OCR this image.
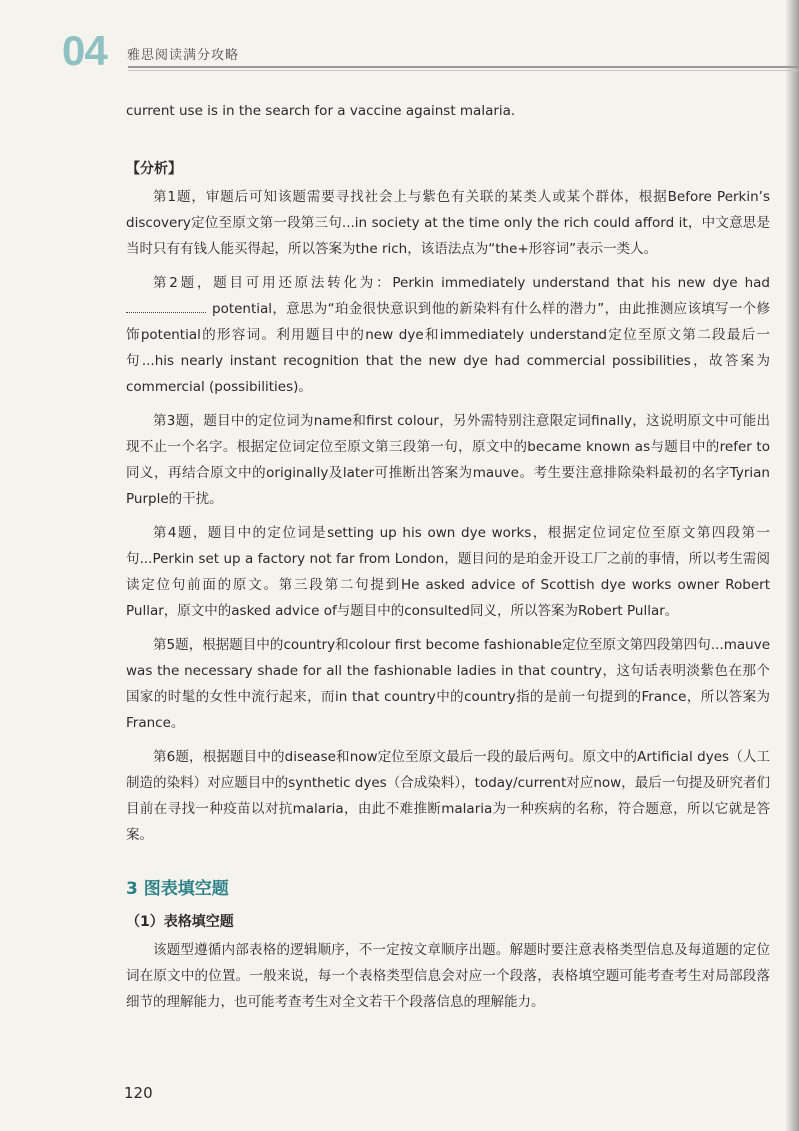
04 雅思阅读满分攻略

current use is in the search for a vaccine against malaria.

【分析】

第1题，审题后可知该题需要寻找社会上与紫色有关联的某类人或某个群体，根据Before Perkin’s discovery定位至原文第一段第三句...in society at the time only the rich could afford it，中文意思是当时只有有钱人能买得起，所以答案为the rich，该语法点为“the+形容词”表示一类人。

第2题，题目可用还原法转化为：Perkin immediately understand that his new dye had potential，意思为“珀金很快意识到他的新染料有什么样的潜力”，由此推测应该填写一个修饰potential的形容词。利用题目中的new dye和immediately understand定位至原文第二段最后一句...his nearly instant recognition that the new dye had commercial possibilities，故答案为commercial (possibilities)。

第3题，题目中的定位词为name和first colour，另外需特别注意限定词finally，这说明原文中可能出现不止一个名字。根据定位词定位至原文第三段第一句，原文中的became known as与题目中的refer to同义，再结合原文中的originally及later可推断出答案为mauve。考生要注意排除染料最初的名字Tyrian Purple的干扰。

第4题，题目中的定位词是setting up his own dye works，根据定位词定位至原文第四段第一句...Perkin set up a factory not far from London，题目问的是珀金开设工厂之前的事情，所以考生需阅读定位句前面的原文。第三段第二句提到He asked advice of Scottish dye works owner Robert Pullar，原文中的asked advice of与题目中的consulted同义，所以答案为Robert Pullar。

第5题，根据题目中的country和colour first become fashionable定位至原文第四段第四句...mauve was the necessary shade for all the fashionable ladies in that country，这句话表明淡紫色在那个国家的时髦的女性中流行起来，而in that country中的country指的是前一句提到的France，所以答案为France。

第6题，根据题目中的disease和now定位至原文最后一段的最后两句。原文中的Artificial dyes（人工制造的染料）对应题目中的synthetic dyes（合成染料），today/current对应now，最后一句提及研究者们目前在寻找一种疫苗以对抗malaria，由此不难推断malaria为一种疾病的名称，符合题意，所以它就是答案。

3 图表填空题
（1）表格填空题

该题型遵循内部表格的逻辑顺序，不一定按文章顺序出题。解题时要注意表格类型信息及每道题的定位词在原文中的位置。一般来说，每一个表格类型信息会对应一个段落，表格填空题可能考查考生对局部段落细节的理解能力，也可能考查考生对全文若干个段落信息的理解能力。

120
